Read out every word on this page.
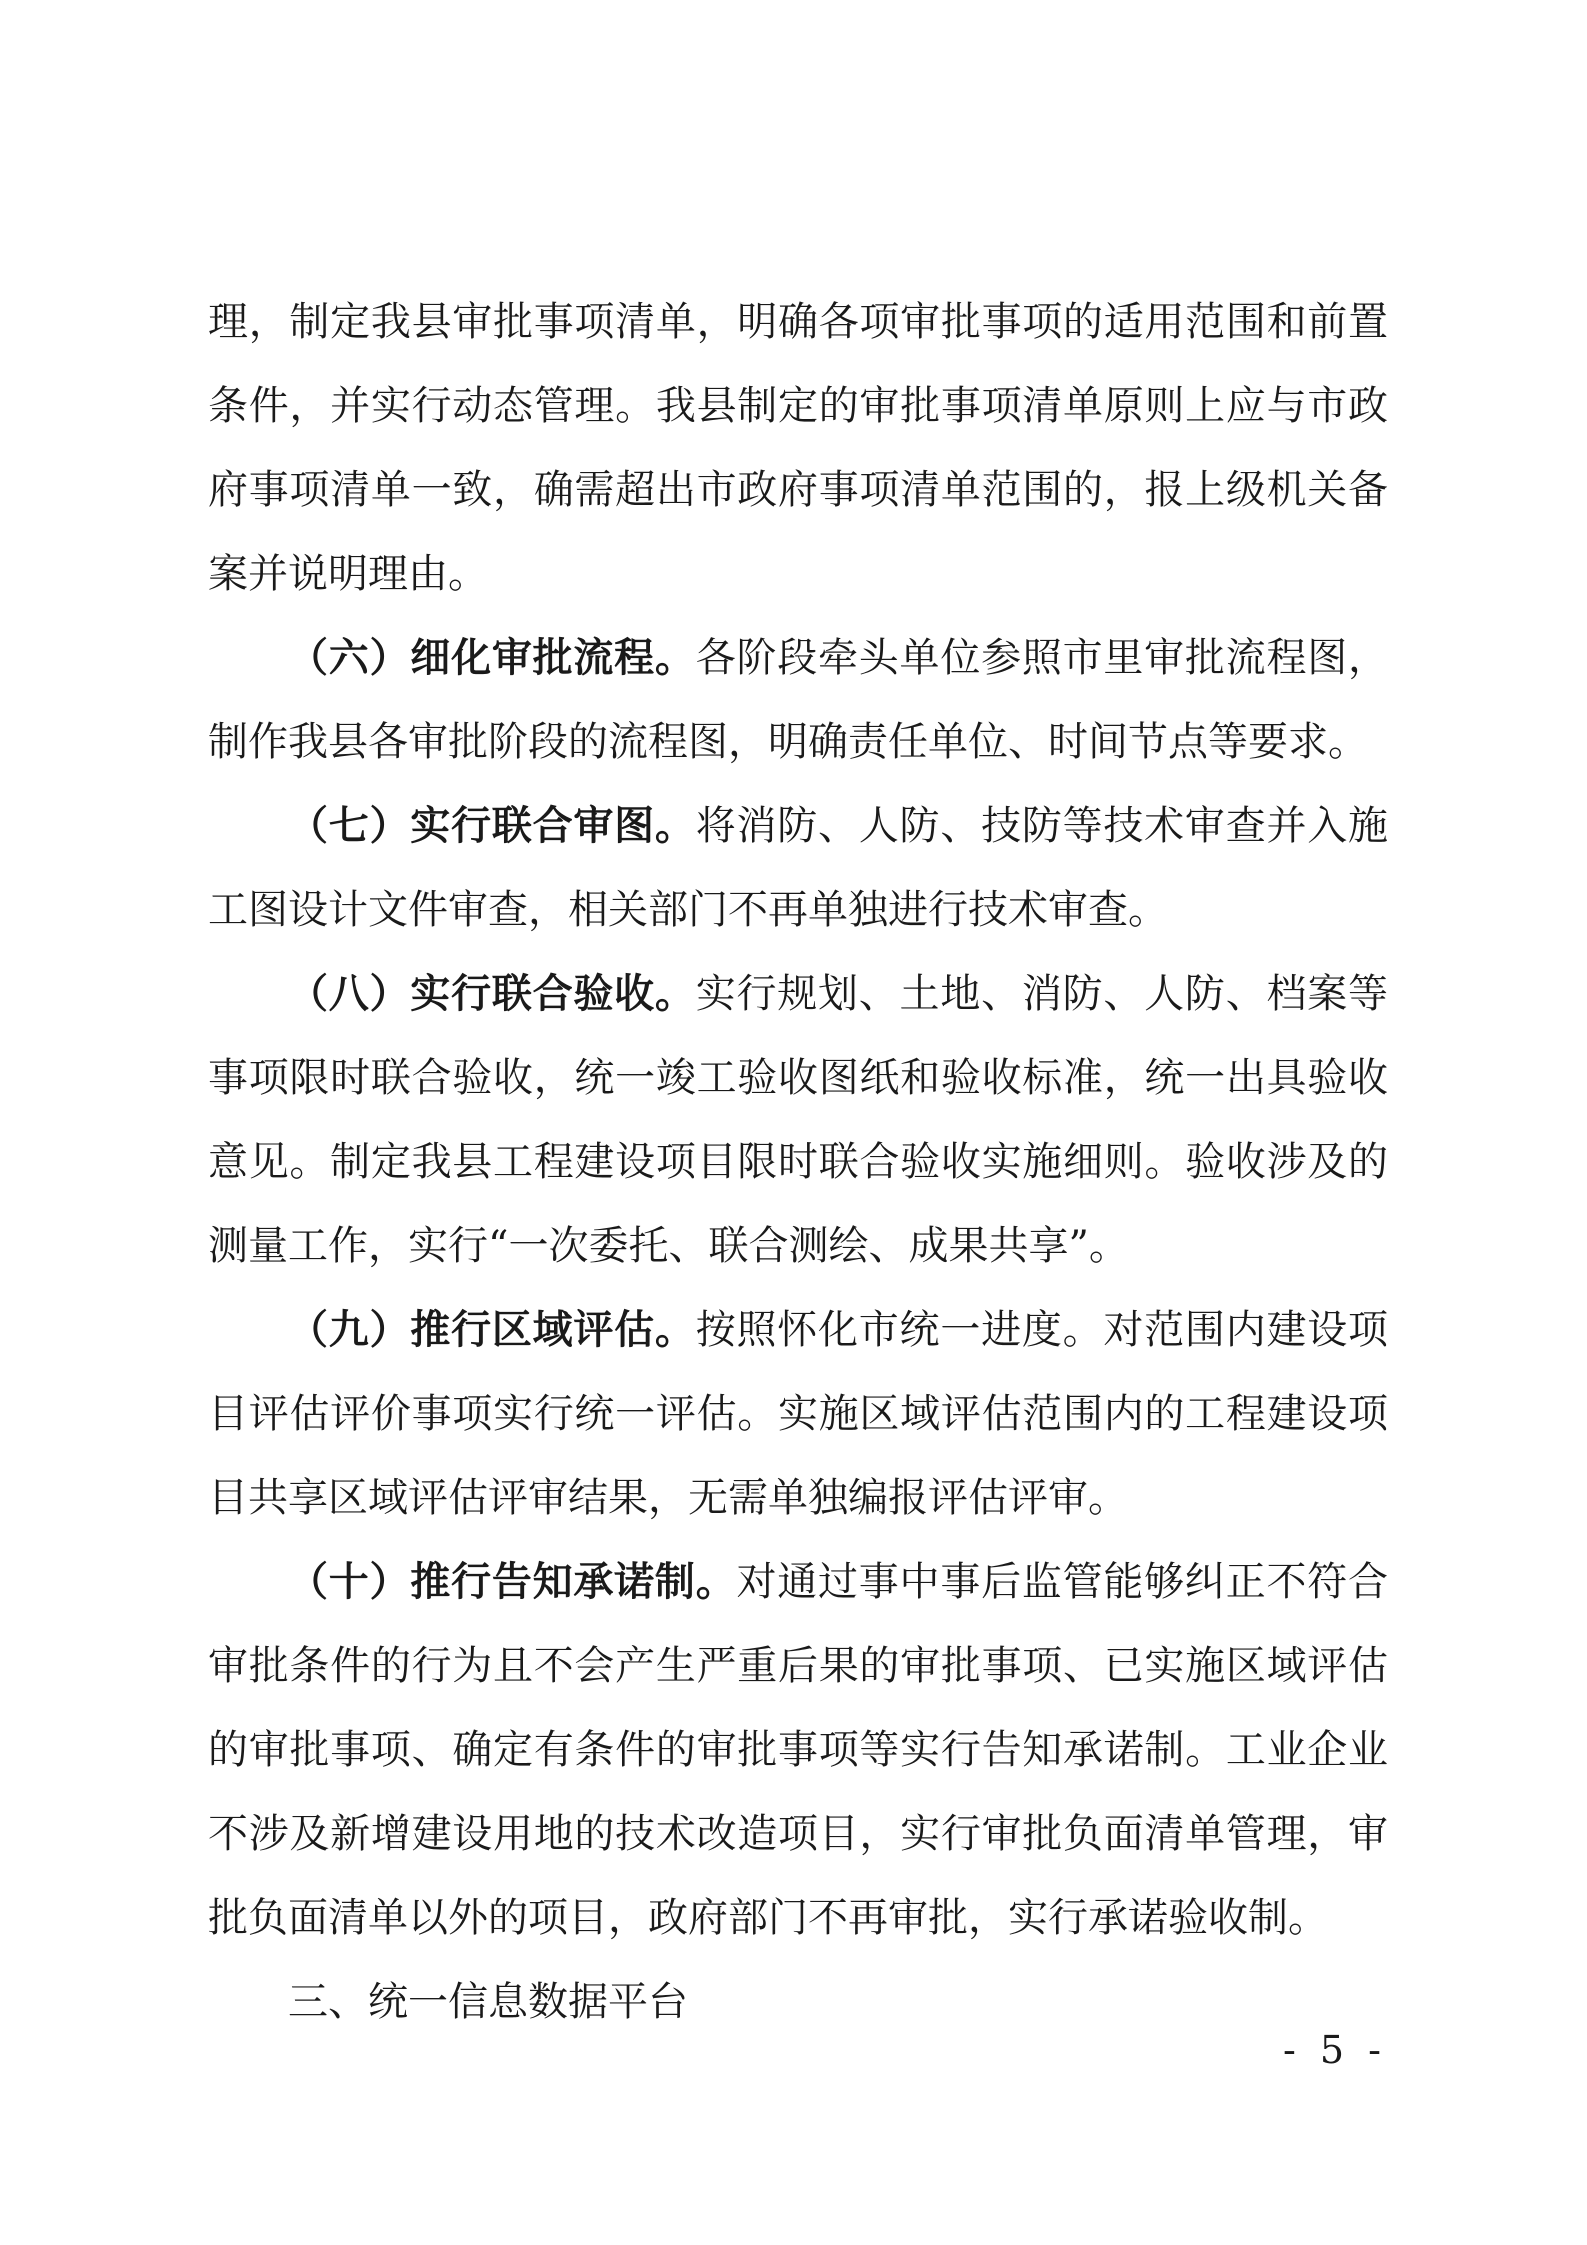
理，制定我县审批事项清单，明确各项审批事项的适用范围和前置条件，并实行动态管理。我县制定的审批事项清单原则上应与市政府事项清单一致，确需超出市政府事项清单范围的，报上级机关备案并说明理由。

（六）细化审批流程。各阶段牵头单位参照市里审批流程图，制作我县各审批阶段的流程图，明确责任单位、时间节点等要求。

（七）实行联合审图。将消防、人防、技防等技术审查并入施工图设计文件审查，相关部门不再单独进行技术审查。

（八）实行联合验收。实行规划、土地、消防、人防、档案等事项限时联合验收，统一竣工验收图纸和验收标准，统一出具验收意见。制定我县工程建设项目限时联合验收实施细则。验收涉及的测量工作，实行“一次委托、联合测绘、成果共享”。

（九）推行区域评估。按照怀化市统一进度。对范围内建设项目评估评价事项实行统一评估。实施区域评估范围内的工程建设项目共享区域评估评审结果，无需单独编报评估评审。

（十）推行告知承诺制。对通过事中事后监管能够纠正不符合审批条件的行为且不会产生严重后果的审批事项、已实施区域评估的审批事项、确定有条件的审批事项等实行告知承诺制。工业企业不涉及新增建设用地的技术改造项目，实行审批负面清单管理，审批负面清单以外的项目，政府部门不再审批，实行承诺验收制。

三、统一信息数据平台

- 5 -
